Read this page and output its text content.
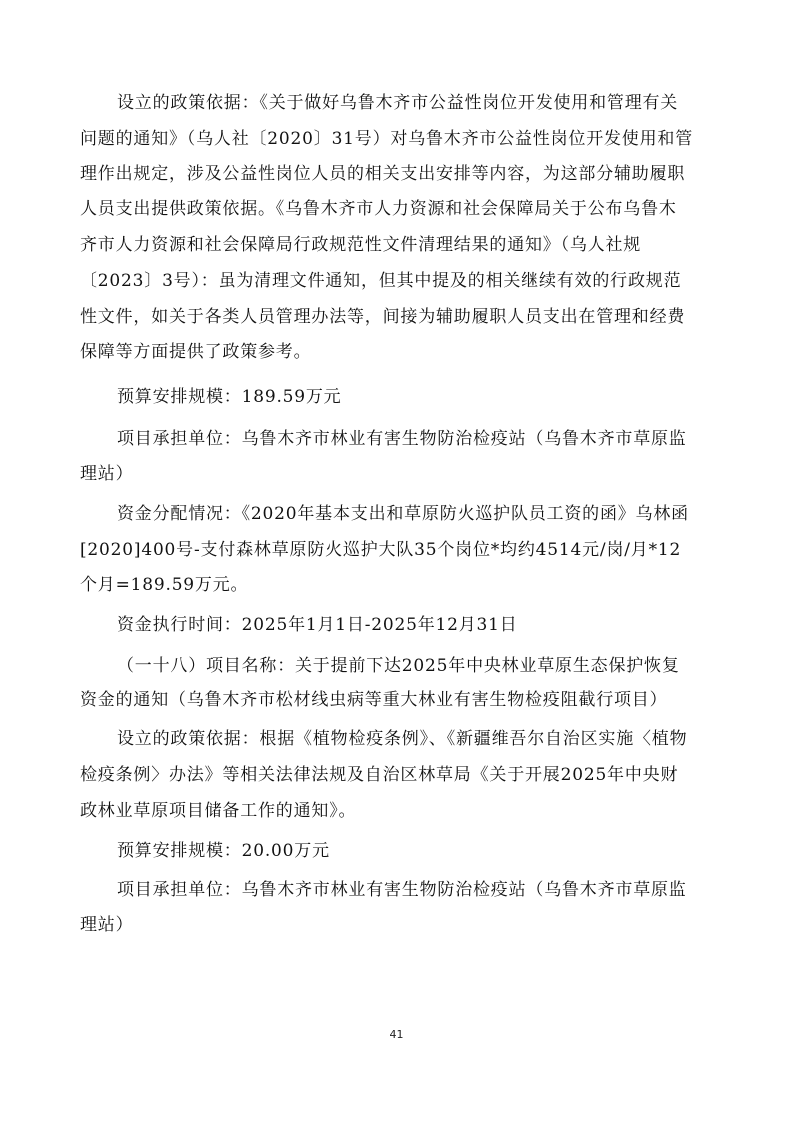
设立的政策依据：《关于做好乌鲁木齐市公益性岗位开发使用和管理有关
问题的通知》（乌人社〔2020〕31号）对乌鲁木齐市公益性岗位开发使用和管
理作出规定，涉及公益性岗位人员的相关支出安排等内容，为这部分辅助履职
人员支出提供政策依据。《乌鲁木齐市人力资源和社会保障局关于公布乌鲁木
齐市人力资源和社会保障局行政规范性文件清理结果的通知》（乌人社规
〔2023〕3号）：虽为清理文件通知，但其中提及的相关继续有效的行政规范
性文件，如关于各类人员管理办法等，间接为辅助履职人员支出在管理和经费
保障等方面提供了政策参考。
预算安排规模：189.59万元
项目承担单位：乌鲁木齐市林业有害生物防治检疫站（乌鲁木齐市草原监
理站）
资金分配情况：《2020年基本支出和草原防火巡护队员工资的函》乌林函
[2020]400号-支付森林草原防火巡护大队35个岗位*均约4514元/岗/月*12
个月=189.59万元。
资金执行时间：2025年1月1日-2025年12月31日
（一十八）项目名称：关于提前下达2025年中央林业草原生态保护恢复
资金的通知（乌鲁木齐市松材线虫病等重大林业有害生物检疫阻截行项目）
设立的政策依据：根据《植物检疫条例》、《新疆维吾尔自治区实施〈植物
检疫条例〉办法》等相关法律法规及自治区林草局《关于开展2025年中央财
政林业草原项目储备工作的通知》。
预算安排规模：20.00万元
项目承担单位：乌鲁木齐市林业有害生物防治检疫站（乌鲁木齐市草原监
理站）
41
